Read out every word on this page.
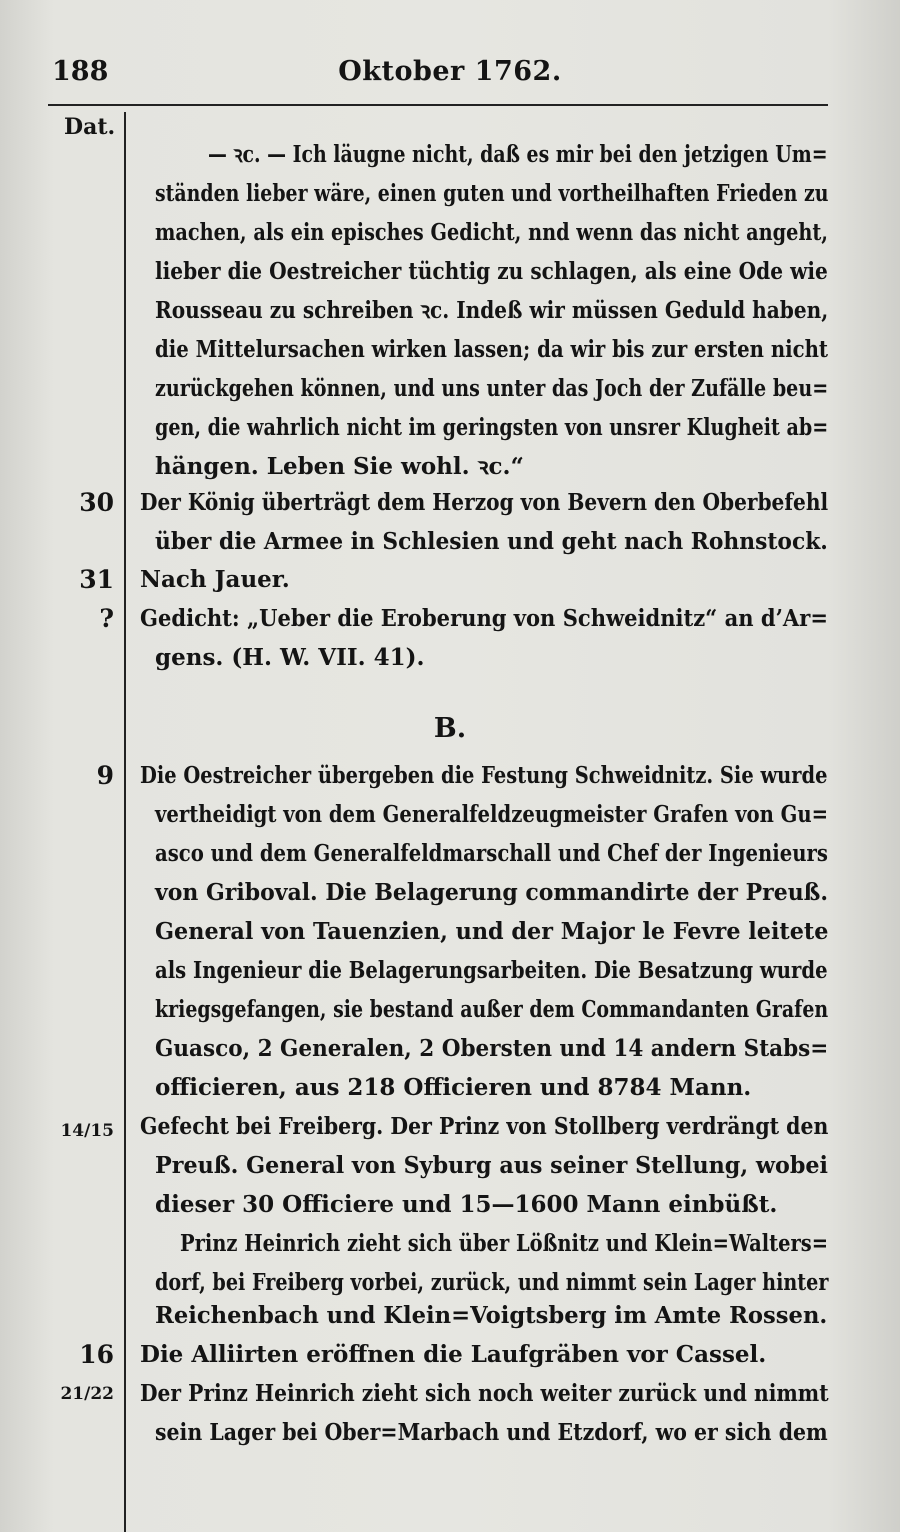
188	Oktober 1762.
Dat.
30
31
?
9
14/15
16
21/22
B.
— ꝛc. — Ich läugne nicht, daß es mir bei den jetzigen Um=
ständen lieber wäre, einen guten und vortheilhaften Frieden zu
machen, als ein episches Gedicht, nnd wenn das nicht angeht,
lieber die Oestreicher tüchtig zu schlagen, als eine Ode wie
Rousseau zu schreiben ꝛc. Indeß wir müssen Geduld haben,
die Mittelursachen wirken lassen; da wir bis zur ersten nicht
zurückgehen können, und uns unter das Joch der Zufälle beu=
gen, die wahrlich nicht im geringsten von unsrer Klugheit ab=
hängen. Leben Sie wohl. ꝛc.“
Der König überträgt dem Herzog von Bevern den Oberbefehl
über die Armee in Schlesien und geht nach Rohnstock.
Nach Jauer.
Gedicht: „Ueber die Eroberung von Schweidnitz“ an d’Ar=
gens. (H. W. VII. 41).
Die Oestreicher übergeben die Festung Schweidnitz. Sie wurde
vertheidigt von dem Generalfeldzeugmeister Grafen von Gu=
asco und dem Generalfeldmarschall und Chef der Ingenieurs
von Griboval. Die Belagerung commandirte der Preuß.
General von Tauenzien, und der Major le Fevre leitete
als Ingenieur die Belagerungsarbeiten. Die Besatzung wurde
kriegsgefangen, sie bestand außer dem Commandanten Grafen
Guasco, 2 Generalen, 2 Obersten und 14 andern Stabs=
officieren, aus 218 Officieren und 8784 Mann.
Gefecht bei Freiberg. Der Prinz von Stollberg verdrängt den
Preuß. General von Syburg aus seiner Stellung, wobei
dieser 30 Officiere und 15—1600 Mann einbüßt.
Prinz Heinrich zieht sich über Lößnitz und Klein=Walters=
dorf, bei Freiberg vorbei, zurück, und nimmt sein Lager hinter
Reichenbach und Klein=Voigtsberg im Amte Rossen.
Die Alliirten eröffnen die Laufgräben vor Cassel.
Der Prinz Heinrich zieht sich noch weiter zurück und nimmt
sein Lager bei Ober=Marbach und Etzdorf, wo er sich dem
